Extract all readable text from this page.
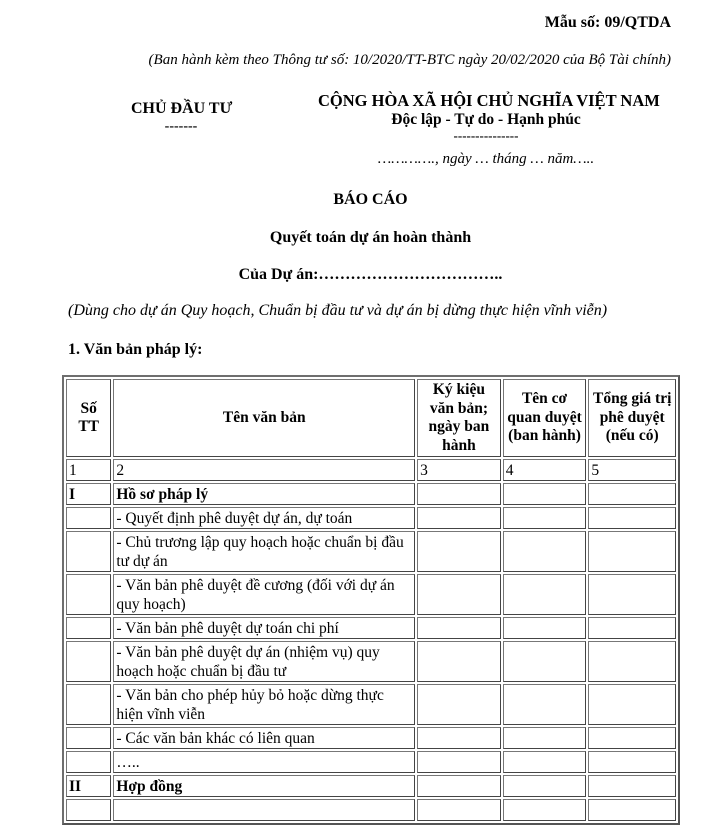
Mẫu số: 09/QTDA
(Ban hành kèm theo Thông tư số: 10/2020/TT-BTC ngày 20/02/2020 của Bộ Tài chính)
CHỦ ĐẦU TƯ
-------
CỘNG HÒA XÃ HỘI CHỦ NGHĨA VIỆT NAM
Độc lập - Tự do - Hạnh phúc
---------------
…………., ngày … tháng … năm…..
BÁO CÁO
Quyết toán dự án hoàn thành
Của Dự án:……………………………..
(Dùng cho dự án Quy hoạch, Chuẩn bị đầu tư và dự án bị dừng thực hiện vĩnh viễn)
1. Văn bản pháp lý:
Số TT	Tên văn bản	Ký kiệu văn bản; ngày ban hành	Tên cơ quan duyệt (ban hành)	Tổng giá trị phê duyệt (nếu có)
1	2	3	4	5
I	Hồ sơ pháp lý			
	- Quyết định phê duyệt dự án, dự toán			
	- Chủ trương lập quy hoạch hoặc chuẩn bị đầu tư dự án			
	- Văn bản phê duyệt đề cương (đối với dự án quy hoạch)			
	- Văn bản phê duyệt dự toán chi phí			
	- Văn bản phê duyệt dự án (nhiệm vụ) quy hoạch hoặc chuẩn bị đầu tư			
	- Văn bản cho phép hủy bỏ hoặc dừng thực hiện vĩnh viễn			
	- Các văn bản khác có liên quan			
	…..			
II	Hợp đồng			
